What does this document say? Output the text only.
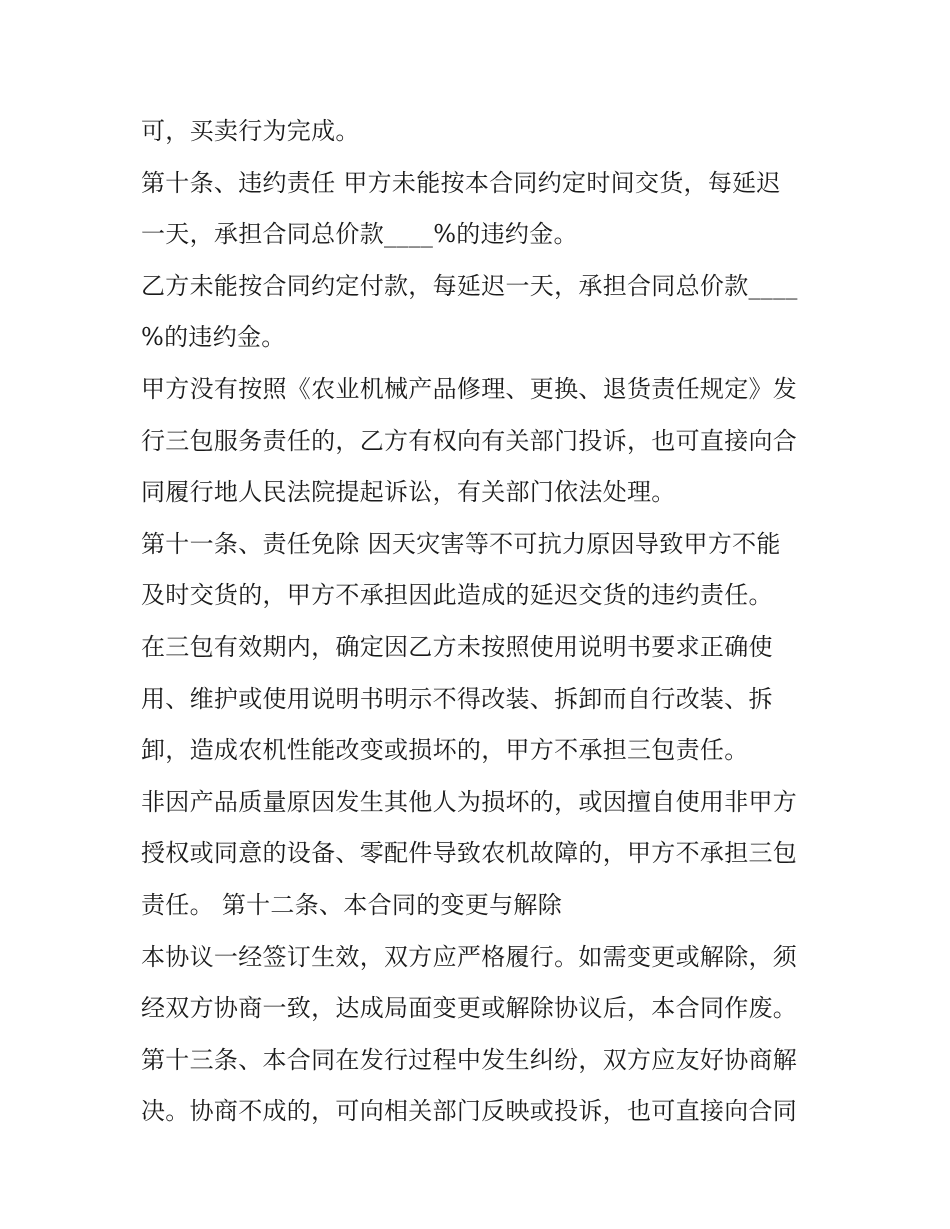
可，买卖行为完成。
第十条、违约责任 甲方未能按本合同约定时间交货，每延迟
一天，承担合同总价款____%的违约金。
乙方未能按合同约定付款，每延迟一天，承担合同总价款____
%的违约金。
甲方没有按照《农业机械产品修理、更换、退货责任规定》发
行三包服务责任的，乙方有权向有关部门投诉，也可直接向合
同履行地人民法院提起诉讼，有关部门依法处理。
第十一条、责任免除 因天灾害等不可抗力原因导致甲方不能
及时交货的，甲方不承担因此造成的延迟交货的违约责任。
在三包有效期内，确定因乙方未按照使用说明书要求正确使
用、维护或使用说明书明示不得改装、拆卸而自行改装、拆
卸，造成农机性能改变或损坏的，甲方不承担三包责任。
非因产品质量原因发生其他人为损坏的，或因擅自使用非甲方
授权或同意的设备、零配件导致农机故障的，甲方不承担三包
责任。 第十二条、本合同的变更与解除
本协议一经签订生效，双方应严格履行。如需变更或解除，须
经双方协商一致，达成局面变更或解除协议后，本合同作废。
第十三条、本合同在发行过程中发生纠纷，双方应友好协商解
决。协商不成的，可向相关部门反映或投诉，也可直接向合同
